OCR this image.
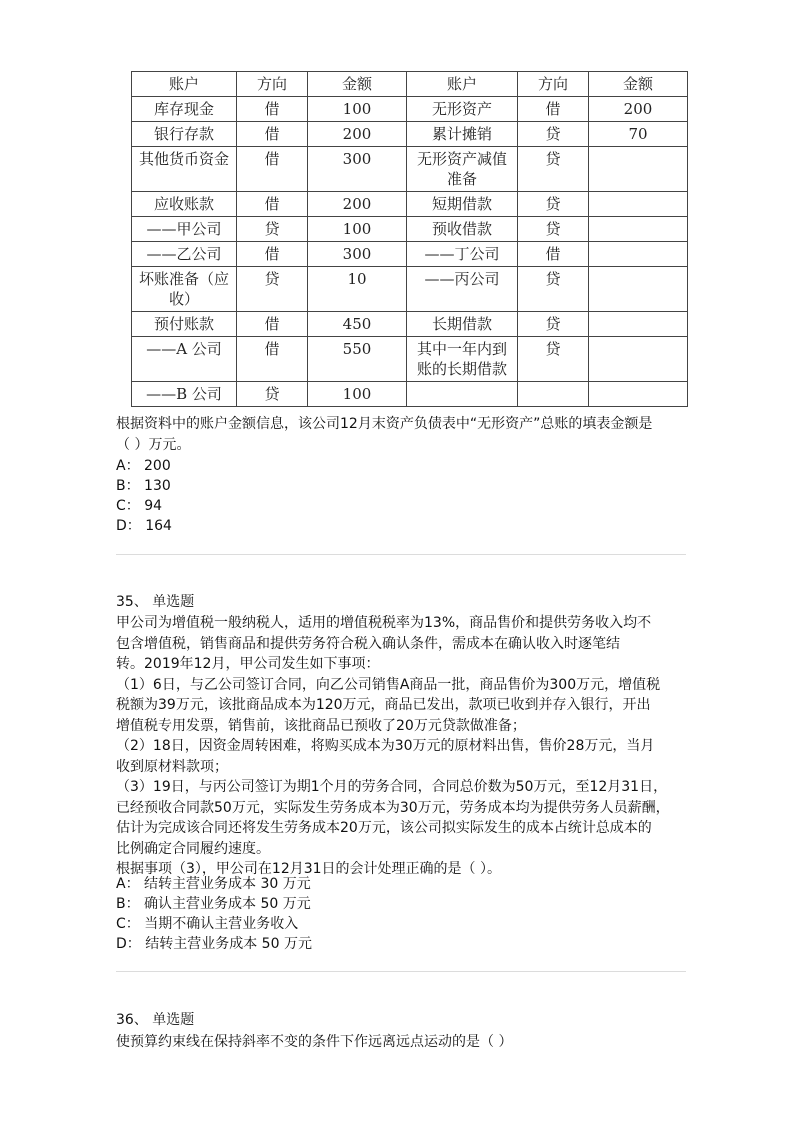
账户	方向	金额	账户	方向	金额
库存现金	借	100	无形资产	借	200
银行存款	借	200	累计摊销	贷	70
其他货币资金	借	300	无形资产减值准备	贷	
应收账款	借	200	短期借款	贷	
——甲公司	贷	100	预收借款	贷	
——乙公司	借	300	——丁公司	借	
坏账准备（应收）	贷	10	——丙公司	贷	
预付账款	借	450	长期借款	贷	
——A 公司	借	550	其中一年内到账的长期借款	贷	
——B 公司	贷	100			
根据资料中的账户金额信息，该公司12月末资产负债表中“无形资产”总账的填表金额是
（ ）万元。
A： 200
B： 130
C： 94
D： 164
35、 单选题
甲公司为增值税一般纳税人，适用的增值税税率为13%，商品售价和提供劳务收入均不
包含增值税，销售商品和提供劳务符合税入确认条件，需成本在确认收入时逐笔结
转。2019年12月，甲公司发生如下事项：
（1）6日，与乙公司签订合同，向乙公司销售A商品一批，商品售价为300万元，增值税
税额为39万元，该批商品成本为120万元，商品已发出，款项已收到并存入银行，开出
增值税专用发票，销售前，该批商品已预收了20万元贷款做准备；
（2）18日，因资金周转困难，将购买成本为30万元的原材料出售，售价28万元，当月
收到原材料款项；
（3）19日，与丙公司签订为期1个月的劳务合同，合同总价数为50万元，至12月31日，
已经预收合同款50万元，实际发生劳务成本为30万元，劳务成本均为提供劳务人员薪酬，
估计为完成该合同还将发生劳务成本20万元，该公司拟实际发生的成本占统计总成本的
比例确定合同履约速度。
根据事项（3），甲公司在12月31日的会计处理正确的是（ ）。
A： 结转主营业务成本 30 万元
B： 确认主营业务成本 50 万元
C： 当期不确认主营业务收入
D： 结转主营业务成本 50 万元
36、 单选题
使预算约束线在保持斜率不变的条件下作远离远点运动的是（ ）
